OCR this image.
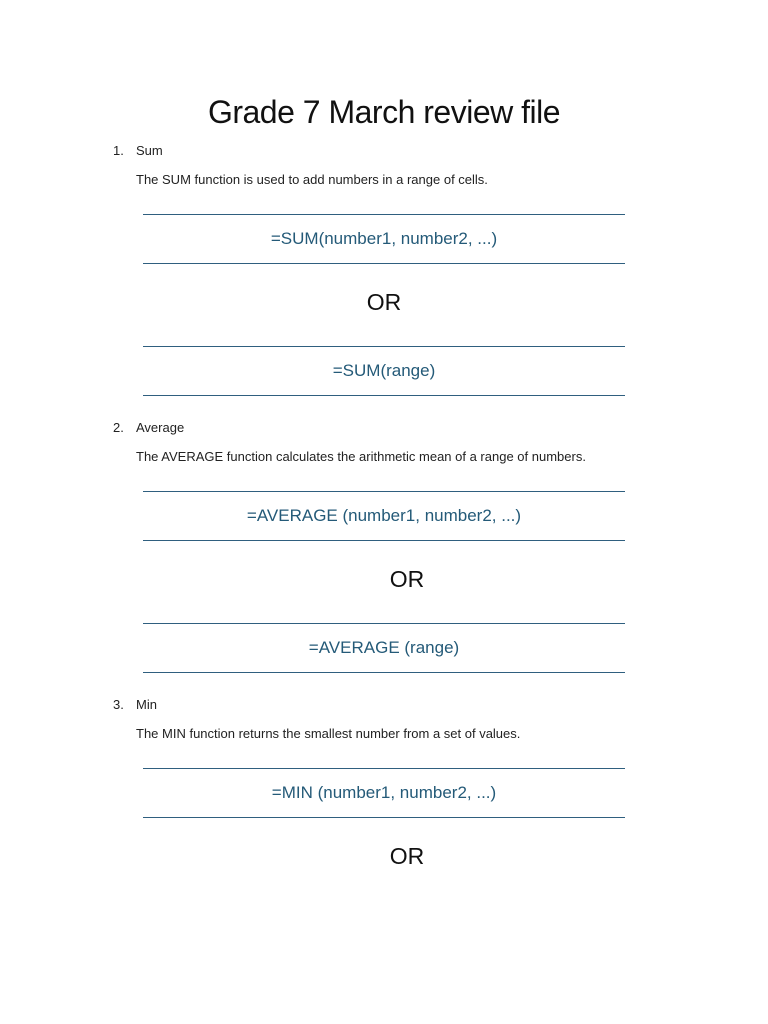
Grade 7 March review file
1. Sum
The SUM function is used to add numbers in a range of cells.
=SUM(number1, number2, ...)
OR
=SUM(range)
2. Average
The AVERAGE function calculates the arithmetic mean of a range of numbers.
=AVERAGE (number1, number2, ...)
OR
=AVERAGE (range)
3. Min
The MIN function returns the smallest number from a set of values.
=MIN (number1, number2, ...)
OR
